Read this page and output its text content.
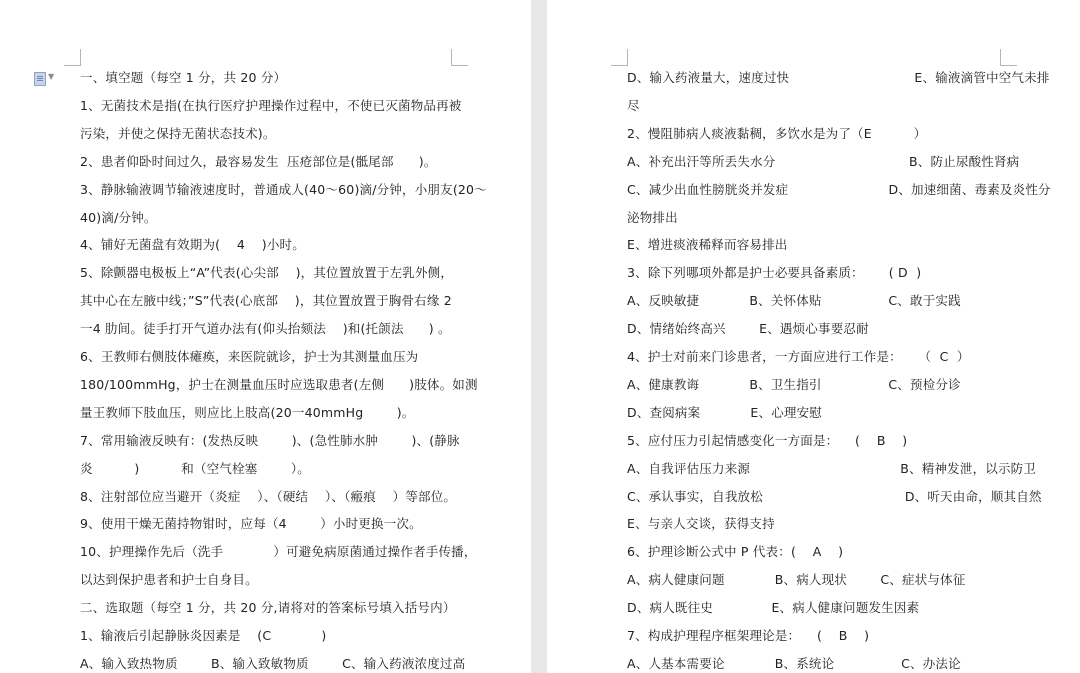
▼ 一、填空题（每空 1 分，共 20 分）
1、无菌技术是指(在执行医疗护理操作过程中，不使已灭菌物品再被
污染，并使之保持无菌状态技术)。
2、患者仰卧时间过久，最容易发生  压疮部位是(骶尾部      )。
3、静脉输液调节输液速度时，普通成人(40～60)滴/分钟，小朋友(20～
40)滴/分钟。
4、铺好无菌盘有效期为(    4    )小时。
5、除颤器电极板上“A”代表(心尖部    )，其位置放置于左乳外侧，
其中心在左腋中线；”S”代表(心底部    )，其位置放置于胸骨右缘 2
一4 肋间。徒手打开气道办法有(仰头抬颏法    )和(托颌法      ) 。
6、王教师右侧肢体瘫痪，来医院就诊，护士为其测量血压为
180/100mmHg，护士在测量血压时应选取患者(左侧      )肢体。如测
量王教师下肢血压，则应比上肢高(20一40mmHg        )。
7、常用输液反映有：(发热反映        )、(急性肺水肿        )、(静脉
炎          )          和（空气栓塞        ）。
8、注射部位应当避开（炎症    ）、（硬结    ）、（瘢痕    ）等部位。
9、使用干燥无菌持物钳时，应每（4        ）小时更换一次。
10、护理操作先后（洗手            ）可避免病原菌通过操作者手传播，
以达到保护患者和护士自身目。
二、选取题（每空 1 分，共 20 分,请将对的答案标号填入括号内）
1、输液后引起静脉炎因素是    (C            )
A、输入致热物质        B、输入致敏物质        C、输入药液浓度过高
D、输入药液量大，速度过快                              E、输液滴管中空气未排
尽
2、慢阻肺病人痰液黏稠，多饮水是为了（E          ）
A、补充出汗等所丢失水分                                B、防止尿酸性肾病
C、减少出血性膀胱炎并发症                        D、加速细菌、毒素及炎性分
泌物排出
E、增进痰液稀释而容易排出
3、除下列哪项外都是护士必要具备素质：      ( D  )
A、反映敏捷            B、关怀体贴                C、敢于实践
D、情绪始终高兴        E、遇烦心事要忍耐
4、护士对前来门诊患者，一方面应进行工作是：    （  C  ）
A、健康教诲            B、卫生指引                C、预检分诊
D、查阅病案            E、心理安慰
5、应付压力引起情感变化一方面是：    (    B    )
A、自我评估压力来源                                    B、精神发泄，以示防卫
C、承认事实，自我放松                                  D、听天由命，顺其自然
E、与亲人交谈，获得支持
6、护理诊断公式中 P 代表：(    A    )
A、病人健康问题            B、病人现状        C、症状与体征
D、病人既往史              E、病人健康问题发生因素
7、构成护理程序框架理论是：    (    B    )
A、人基本需要论            B、系统论                C、办法论
